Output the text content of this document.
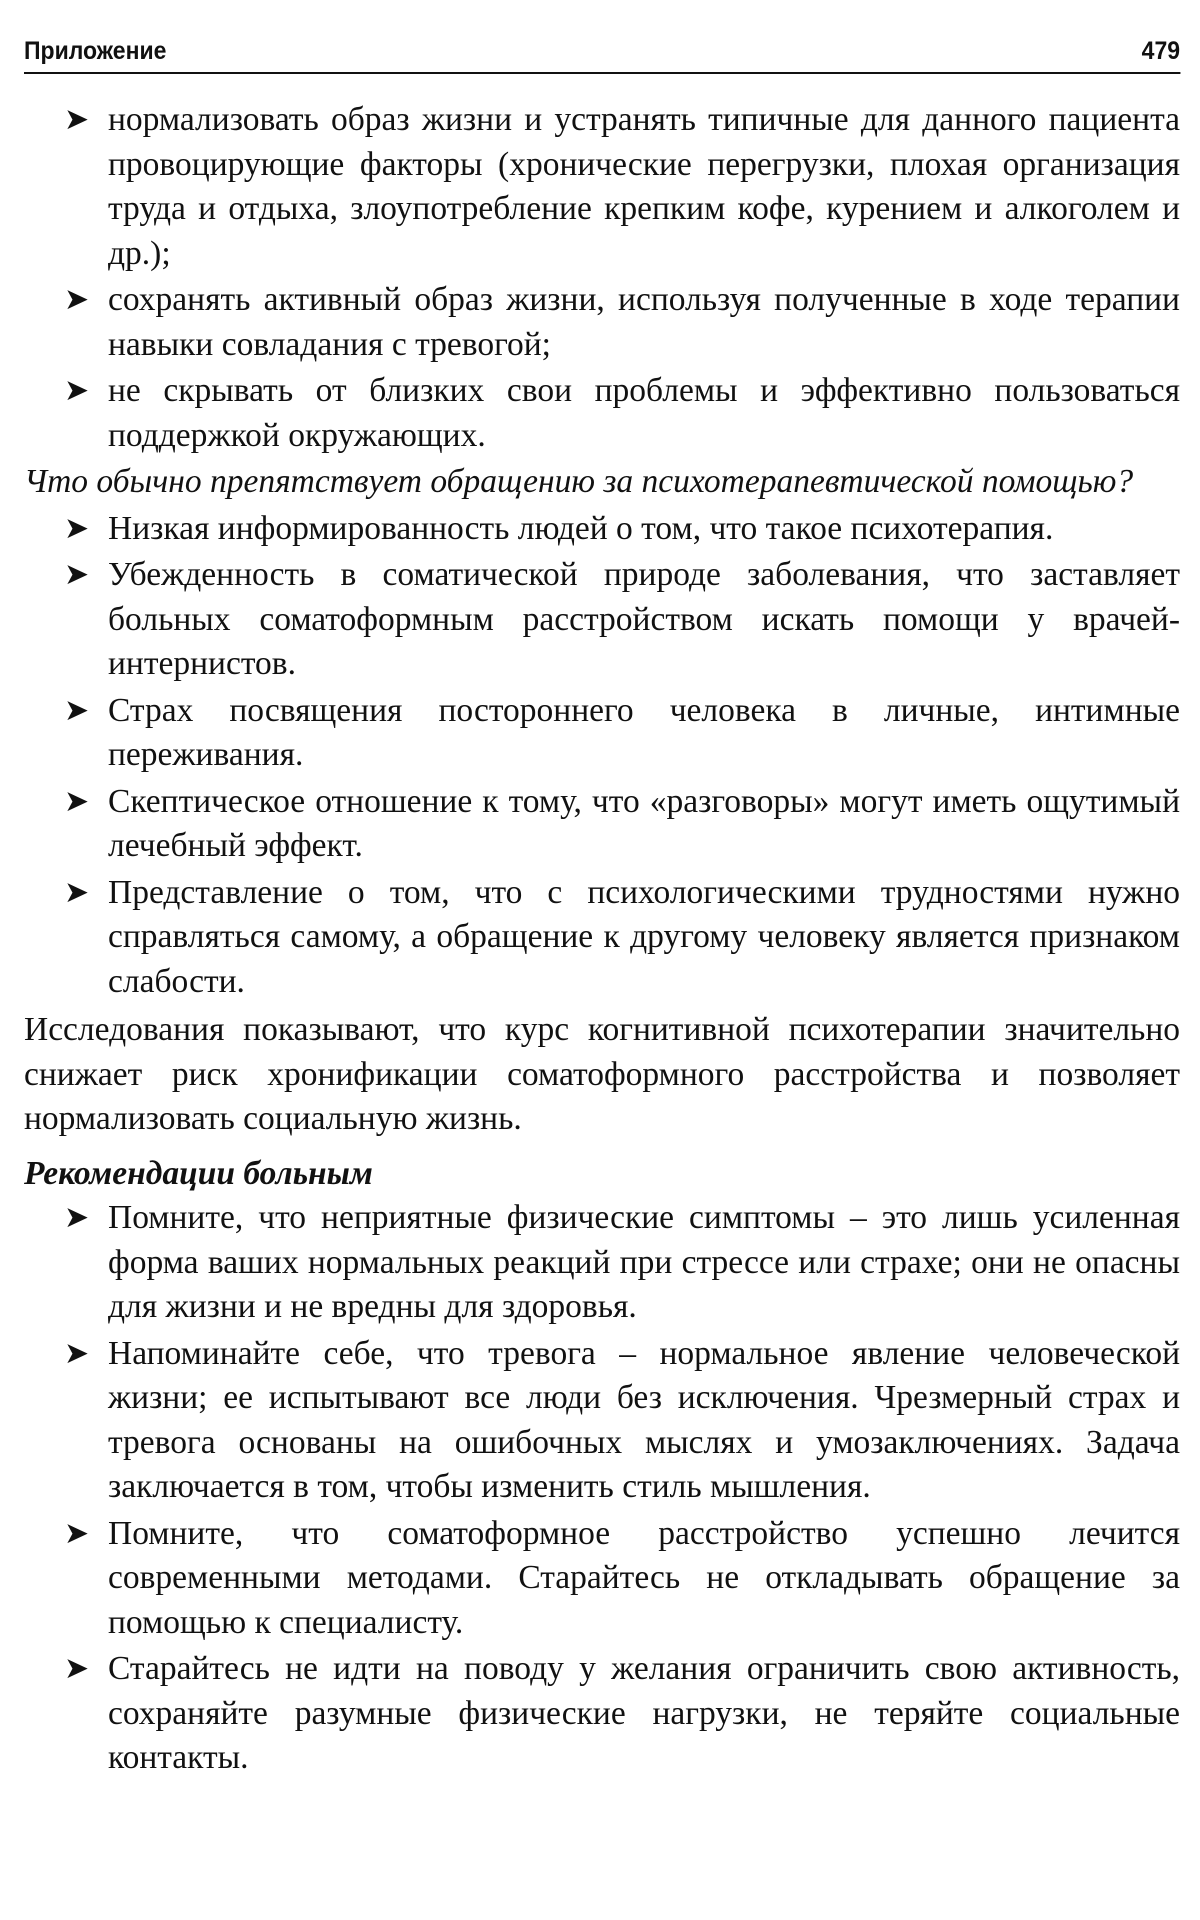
Приложение	479
➤ нормализовать образ жизни и устранять типичные для данного пациента провоцирующие факторы (хронические перегрузки, плохая организация труда и отдыха, злоупотребление крепким кофе, курением и алкоголем и др.);
➤ сохранять активный образ жизни, используя полученные в ходе терапии навыки совладания с тревогой;
➤ не скрывать от близких свои проблемы и эффективно пользоваться поддержкой окружающих.
Что обычно препятствует обращению за психотерапевтической помощью?
➤ Низкая информированность людей о том, что такое психотерапия.
➤ Убежденность в соматической природе заболевания, что заставляет больных соматоформным расстройством искать помощи у врачей-интернистов.
➤ Страх посвящения постороннего человека в личные, интимные переживания.
➤ Скептическое отношение к тому, что «разговоры» могут иметь ощутимый лечебный эффект.
➤ Представление о том, что с психологическими трудностями нужно справляться самому, а обращение к другому человеку является признаком слабости.

Исследования показывают, что курс когнитивной психотерапии значительно снижает риск хронификации соматоформного расстройства и позволяет нормализовать социальную жизнь.

Рекомендации больным
➤ Помните, что неприятные физические симптомы – это лишь усиленная форма ваших нормальных реакций при стрессе или страхе; они не опасны для жизни и не вредны для здоровья.
➤ Напоминайте себе, что тревога – нормальное явление человеческой жизни; ее испытывают все люди без исключения. Чрезмерный страх и тревога основаны на ошибочных мыслях и умозаключениях. Задача заключается в том, чтобы изменить стиль мышления.
➤ Помните, что соматоформное расстройство успешно лечится современными методами. Старайтесь не откладывать обращение за помощью к специалисту.
➤ Старайтесь не идти на поводу у желания ограничить свою активность, сохраняйте разумные физические нагрузки, не теряйте социальные контакты.
